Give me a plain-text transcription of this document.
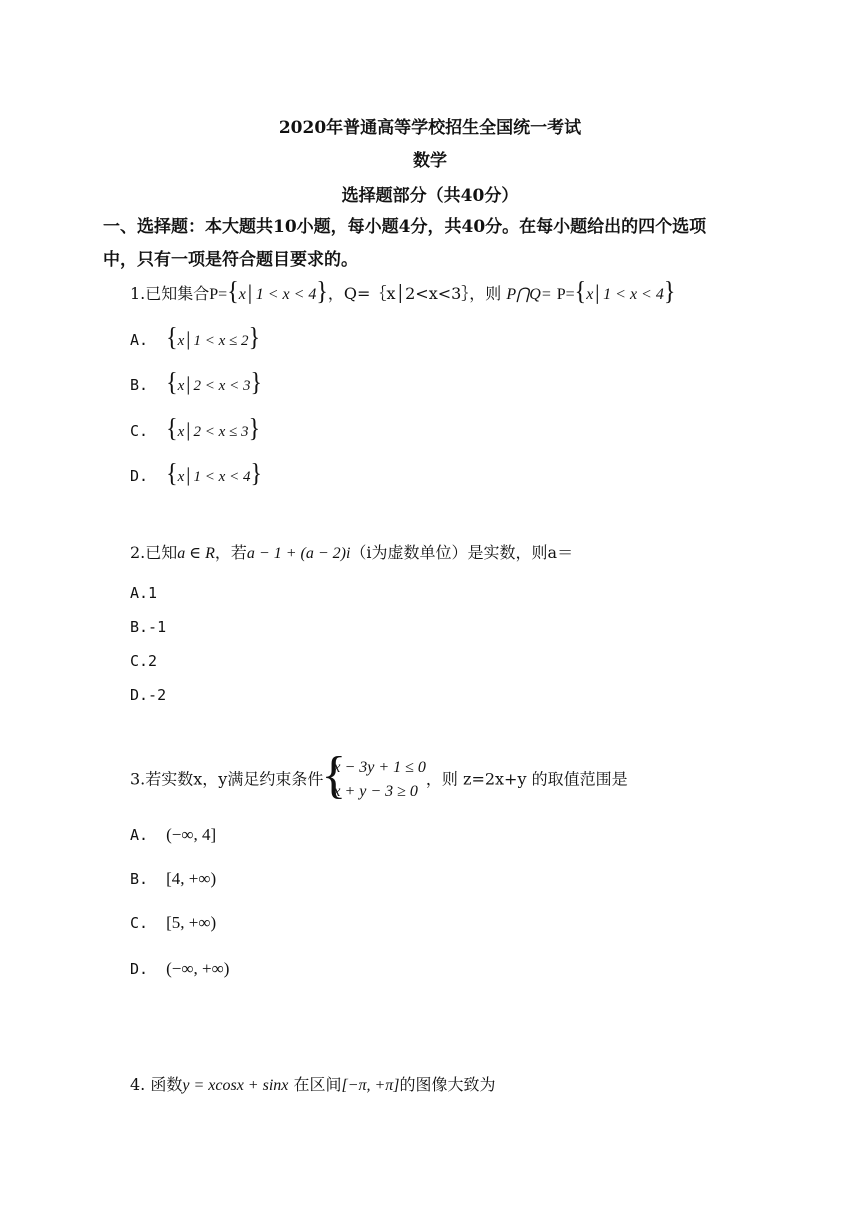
2020年普通高等学校招生全国统一考试
数学
选择题部分（共40分）
一、选择题：本大题共10小题，每小题4分，共40分。在每小题给出的四个选项
中，只有一项是符合题目要求的。
1.已知集合P={x│1 < x < 4}，Q=｛x│2<x<3｝，则 P⋂Q= P={x│1 < x < 4}
A. {x│1 < x ≤ 2}
B. {x│2 < x < 3}
C. {x│2 < x ≤ 3}
D. {x│1 < x < 4}
2.已知a ∈ R，若a − 1 + (a − 2)i（i为虚数单位）是实数，则a＝
A.1
B.-1
C.2
D.-2
3.若实数x，y满足约束条件
{
x − 3y + 1 ≤ 0
x + y − 3 ≥ 0
，则 z=2x+y 的取值范围是
A. (−∞, 4]
B. [4, +∞)
C. [5, +∞)
D. (−∞, +∞)
4. 函数y = xcosx + sinx 在区间[−π, +π]的图像大致为
